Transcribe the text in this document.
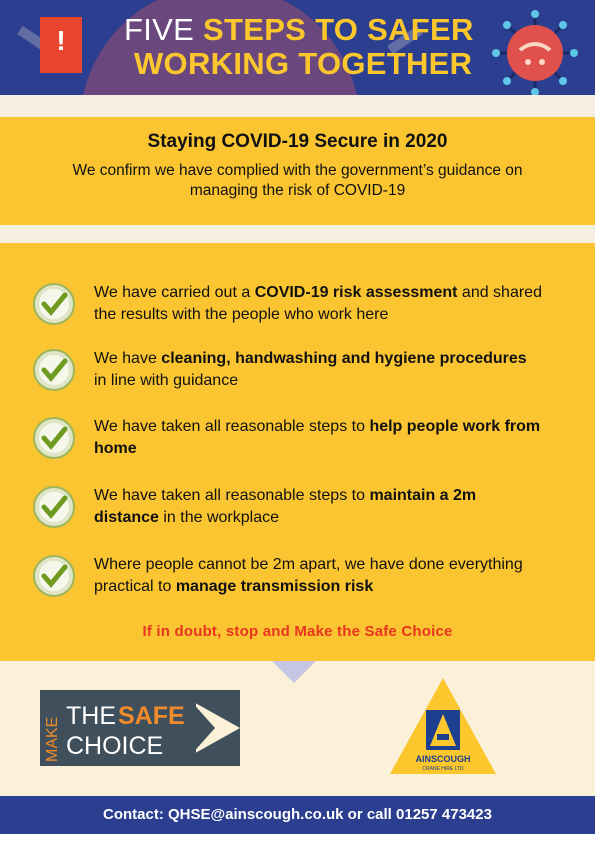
!	FIVE STEPS TO SAFER
WORKING TOGETHER
Staying COVID-19 Secure in 2020
We confirm we have complied with the government’s guidance on managing the risk of COVID-19
We have carried out a COVID-19 risk assessment and shared the results with the people who work here
We have cleaning, handwashing and hygiene procedures in line with guidance
We have taken all reasonable steps to help people work from home
We have taken all reasonable steps to maintain a 2m distance in the workplace
Where people cannot be 2m apart, we have done everything practical to manage transmission risk
If in doubt, stop and Make the Safe Choice
MAKE
THE SAFE
CHOICE	AINSCOUGH
CRANE HIRE LTD
Contact: QHSE@ainscough.co.uk or call 01257 473423
